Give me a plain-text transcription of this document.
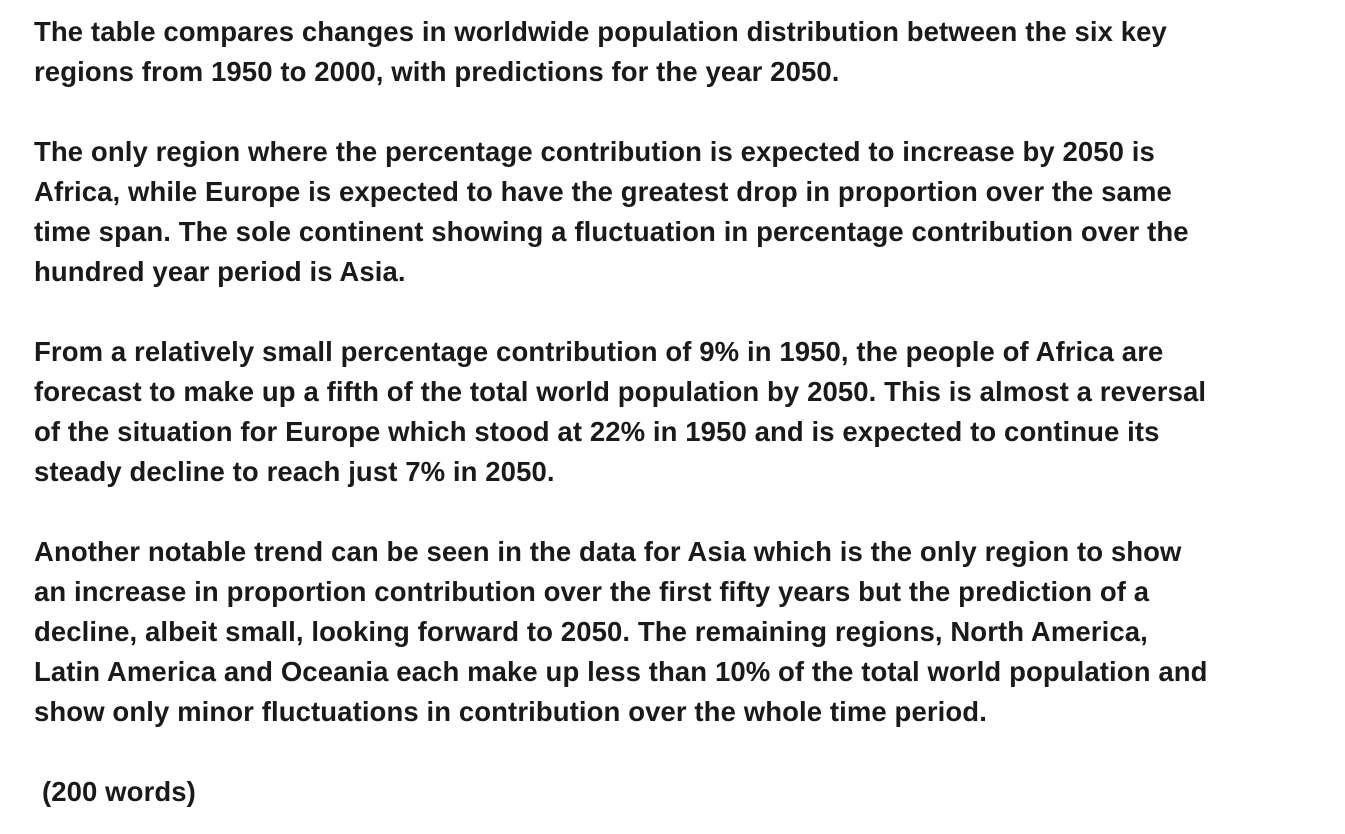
The table compares changes in worldwide population distribution between the six key
regions from 1950 to 2000, with predictions for the year 2050.

The only region where the percentage contribution is expected to increase by 2050 is
Africa, while Europe is expected to have the greatest drop in proportion over the same
time span. The sole continent showing a fluctuation in percentage contribution over the
hundred year period is Asia.

From a relatively small percentage contribution of 9% in 1950, the people of Africa are
forecast to make up a fifth of the total world population by 2050. This is almost a reversal
of the situation for Europe which stood at 22% in 1950 and is expected to continue its
steady decline to reach just 7% in 2050.

Another notable trend can be seen in the data for Asia which is the only region to show
an increase in proportion contribution over the first fifty years but the prediction of a
decline, albeit small, looking forward to 2050. The remaining regions, North America,
Latin America and Oceania each make up less than 10% of the total world population and
show only minor fluctuations in contribution over the whole time period.

(200 words)
